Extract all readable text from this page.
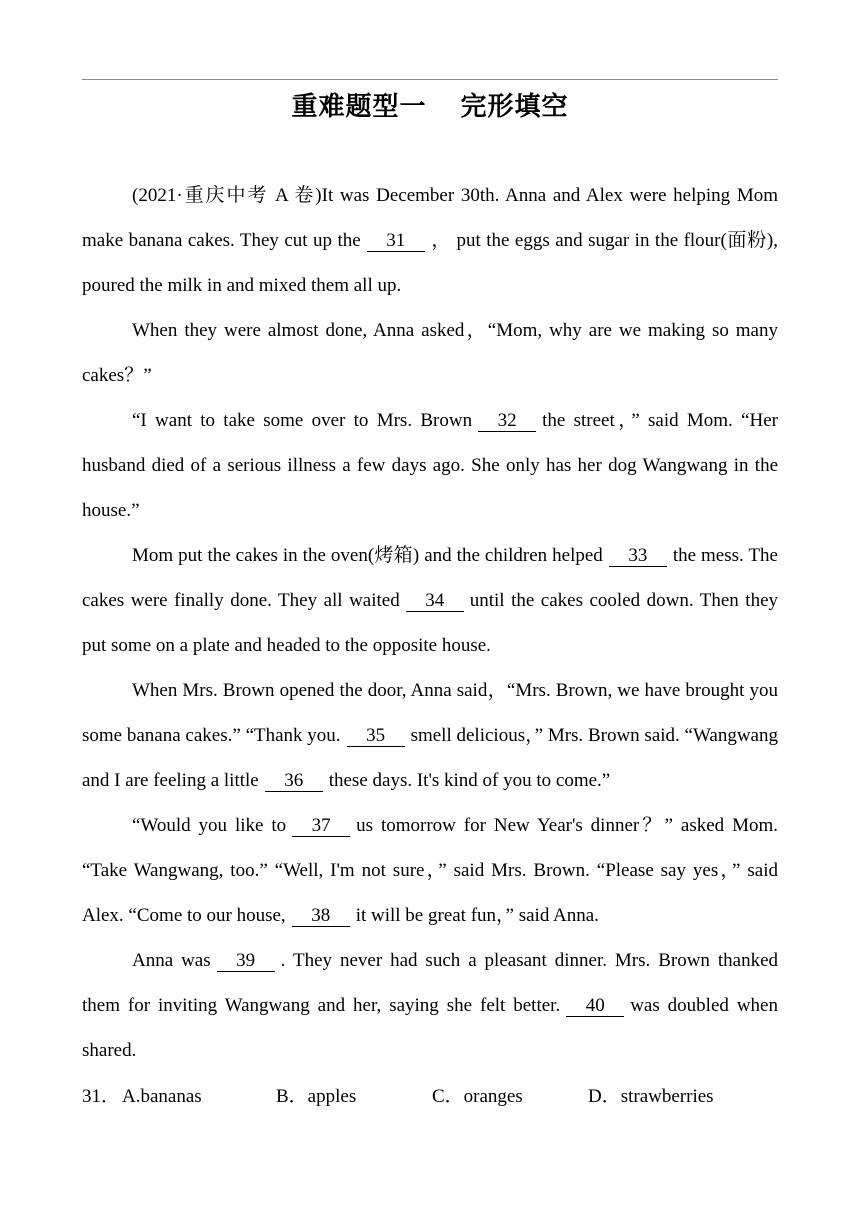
重难题型一 完形填空

(2021·重庆中考 A 卷)It was December 30th. Anna and Alex were helping Mom make banana cakes. They cut up the 31 ， put the eggs and sugar in the flour(面粉), poured the milk in and mixed them all up.

When they were almost done, Anna asked，“Mom, why are we making so many cakes？”

“I want to take some over to Mrs. Brown 32 the street，” said Mom. “Her husband died of a serious illness a few days ago. She only has her dog Wangwang in the house.”

Mom put the cakes in the oven(烤箱) and the children helped 33 the mess. The cakes were finally done. They all waited 34 until the cakes cooled down. Then they put some on a plate and headed to the opposite house.

When Mrs. Brown opened the door, Anna said，“Mrs. Brown, we have brought you some banana cakes.” “Thank you. 35 smell delicious，” Mrs. Brown said. “Wangwang and I are feeling a little 36 these days. It's kind of you to come.”

“Would you like to 37 us tomorrow for New Year's dinner？” asked Mom. “Take Wangwang, too.” “Well, I'm not sure，” said Mrs. Brown. “Please say yes，” said Alex. “Come to our house, 38 it will be great fun，” said Anna.

Anna was 39 . They never had such a pleasant dinner. Mrs. Brown thanked them for inviting Wangwang and her, saying she felt better. 40 was doubled when shared.

31． A.bananas	B．apples	C．oranges	D．strawberries
